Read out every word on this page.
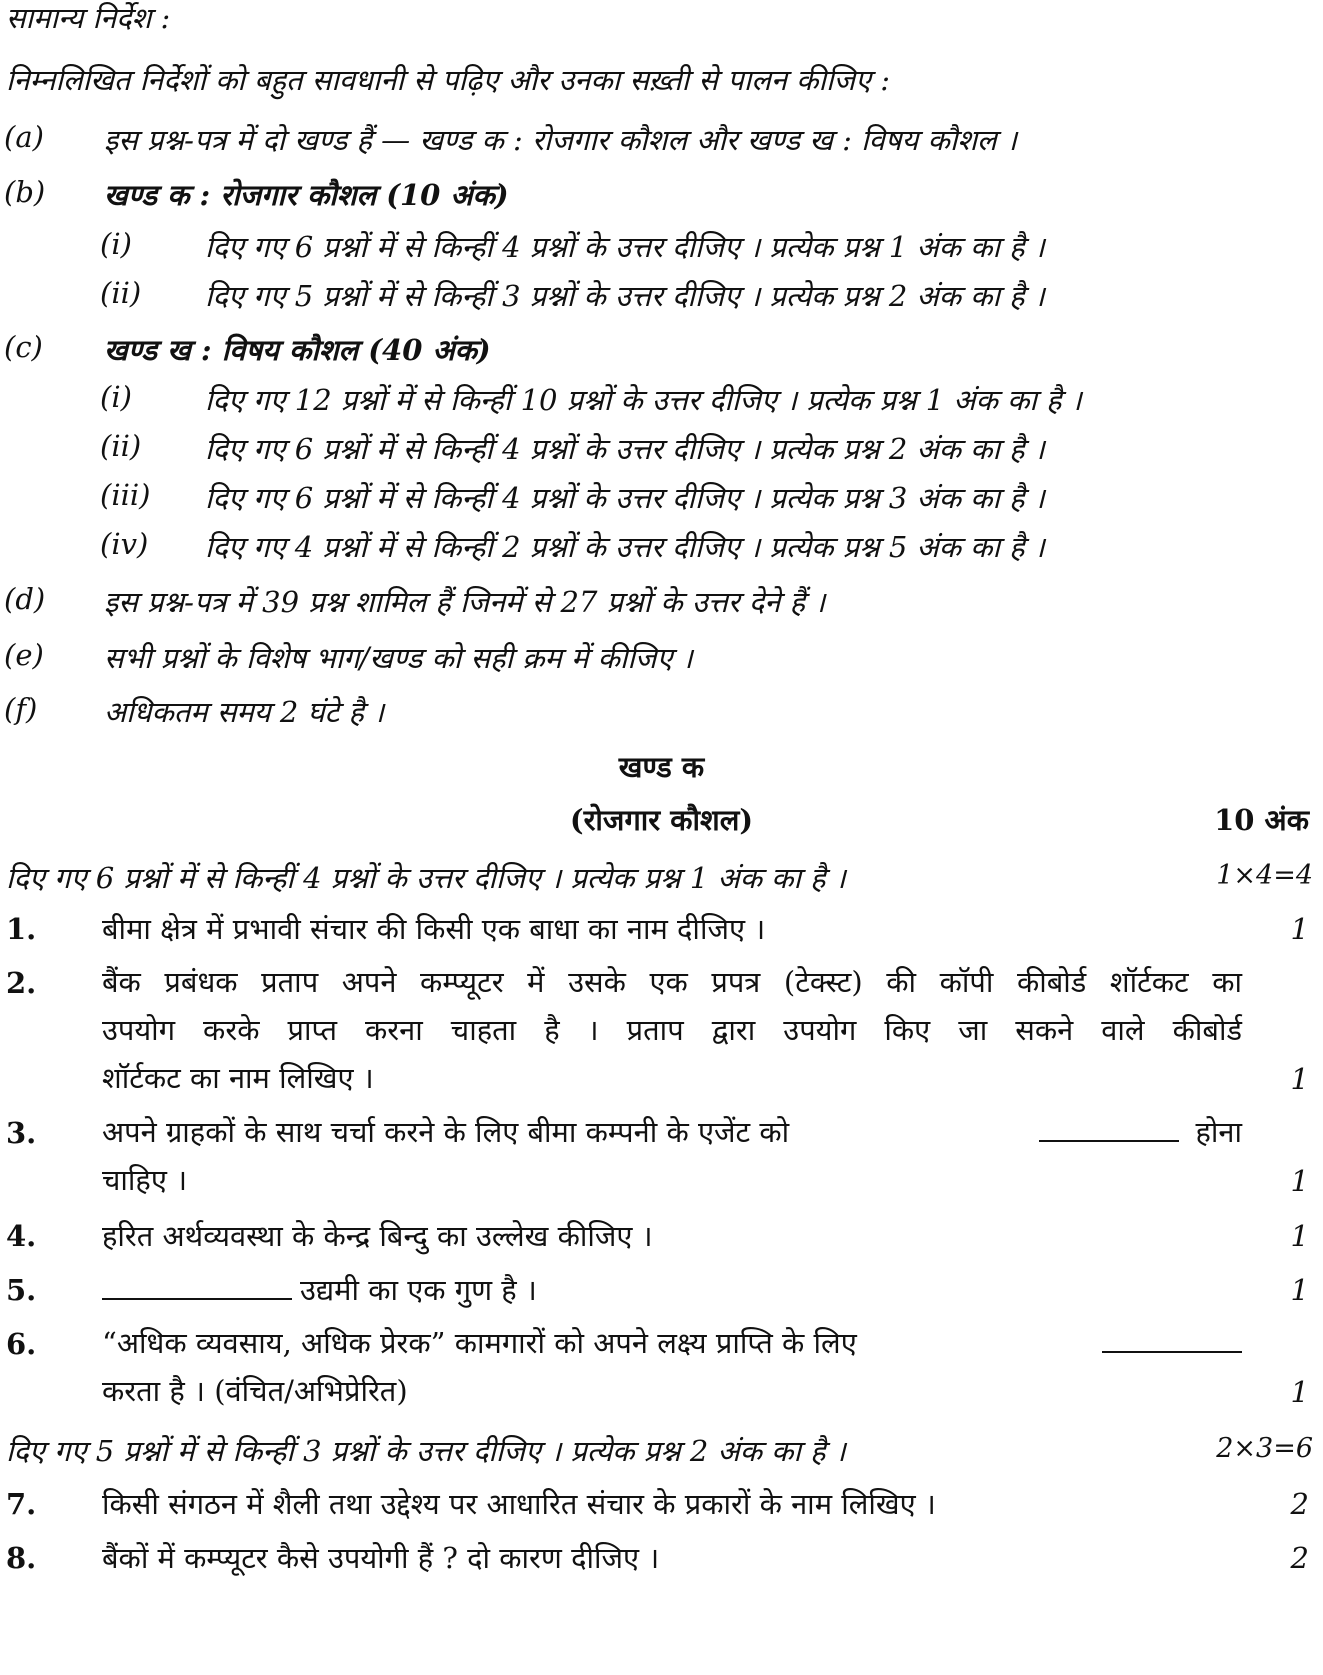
सामान्य निर्देश :
निम्नलिखित निर्देशों को बहुत सावधानी से पढ़िए और उनका सख़्ती से पालन कीजिए :
(a) इस प्रश्न-पत्र में दो खण्ड हैं — खण्ड क : रोजगार कौशल और खण्ड ख : विषय कौशल ।
(b) खण्ड क : रोजगार कौशल (10 अंक)
(i)	दिए गए 6 प्रश्नों में से किन्हीं 4 प्रश्नों के उत्तर दीजिए । प्रत्येक प्रश्न 1 अंक का है ।
(ii) दिए गए 5 प्रश्नों में से किन्हीं 3 प्रश्नों के उत्तर दीजिए । प्रत्येक प्रश्न 2 अंक का है ।
(c) खण्ड ख : विषय कौशल (40 अंक)
(i)	दिए गए 12 प्रश्नों में से किन्हीं 10 प्रश्नों के उत्तर दीजिए । प्रत्येक प्रश्न 1 अंक का है ।
(ii) दिए गए 6 प्रश्नों में से किन्हीं 4 प्रश्नों के उत्तर दीजिए । प्रत्येक प्रश्न 2 अंक का है ।
(iii) दिए गए 6 प्रश्नों में से किन्हीं 4 प्रश्नों के उत्तर दीजिए । प्रत्येक प्रश्न 3 अंक का है ।
(iv) दिए गए 4 प्रश्नों में से किन्हीं 2 प्रश्नों के उत्तर दीजिए । प्रत्येक प्रश्न 5 अंक का है ।
(d) इस प्रश्न-पत्र में 39 प्रश्न शामिल हैं जिनमें से 27 प्रश्नों के उत्तर देने हैं ।
(e) सभी प्रश्नों के विशेष भाग/खण्ड को सही क्रम में कीजिए ।
(f) अधिकतम समय 2 घंटे है ।
खण्ड क
(रोजगार कौशल)	10 अंक
दिए गए 6 प्रश्नों में से किन्हीं 4 प्रश्नों के उत्तर दीजिए । प्रत्येक प्रश्न 1 अंक का है ।	1×4=4
1. बीमा क्षेत्र में प्रभावी संचार की किसी एक बाधा का नाम दीजिए ।	1
2. बैंक प्रबंधक प्रताप अपने कम्प्यूटर में उसके एक प्रपत्र (टेक्स्ट) की कॉपी कीबोर्ड शॉर्टकट का
उपयोग करके प्राप्त करना चाहता है । प्रताप द्वारा उपयोग किए जा सकने वाले कीबोर्ड
शॉर्टकट का नाम लिखिए ।	1
3. अपने ग्राहकों के साथ चर्चा करने के लिए बीमा कम्पनी के एजेंट को	होना
चाहिए ।	1
4. हरित अर्थव्यवस्था के केन्द्र बिन्दु का उल्लेख कीजिए ।	1
5.	उद्यमी का एक गुण है ।	1
6. “अधिक व्यवसाय, अधिक प्रेरक” कामगारों को अपने लक्ष्य प्राप्ति के लिए
करता है । (वंचित/अभिप्रेरित)	1
दिए गए 5 प्रश्नों में से किन्हीं 3 प्रश्नों के उत्तर दीजिए । प्रत्येक प्रश्न 2 अंक का है ।	2×3=6
7. किसी संगठन में शैली तथा उद्देश्य पर आधारित संचार के प्रकारों के नाम लिखिए ।	2
8. बैंकों में कम्प्यूटर कैसे उपयोगी हैं ? दो कारण दीजिए ।	2
